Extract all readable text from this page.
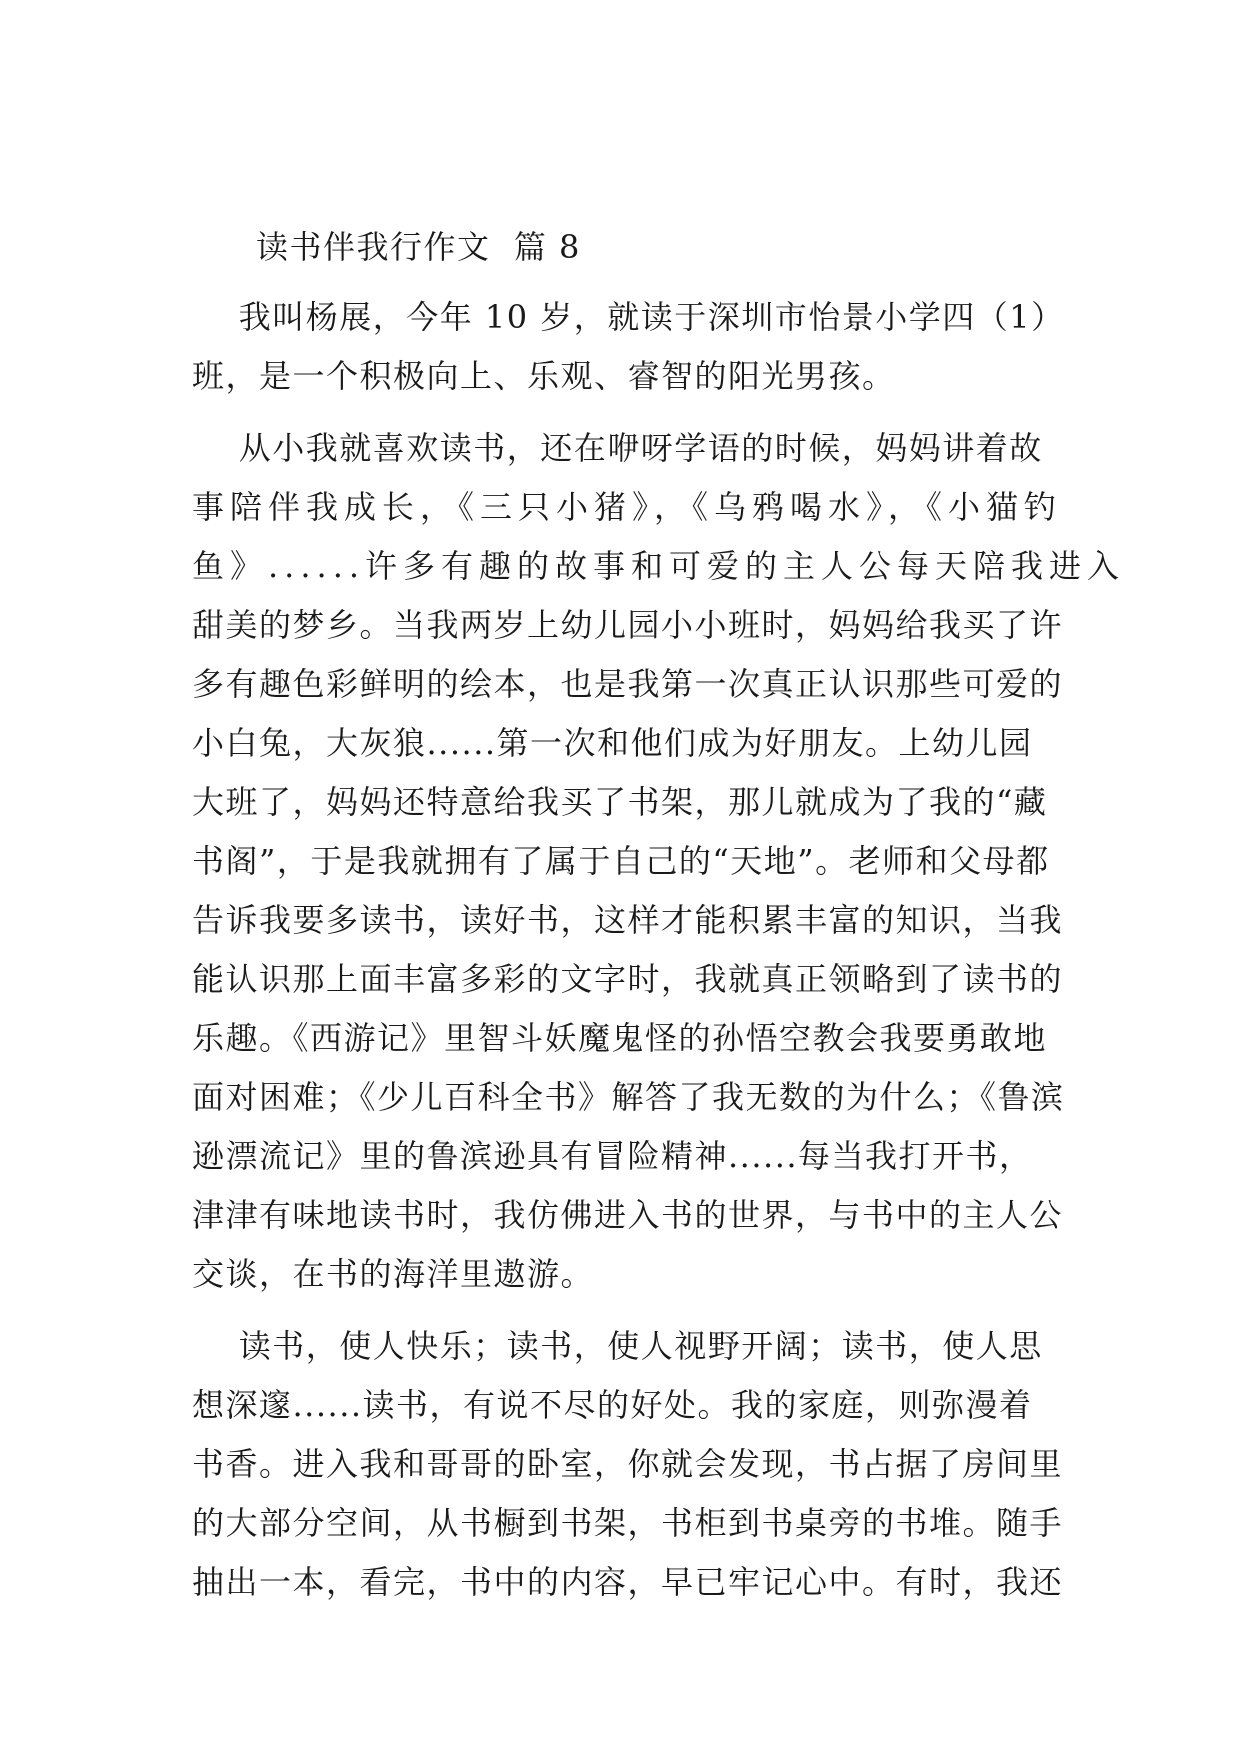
读书伴我行作文  篇 8
我叫杨展，今年 10 岁，就读于深圳市怡景小学四（1）
班，是一个积极向上、乐观、睿智的阳光男孩。
从小我就喜欢读书，还在咿呀学语的时候，妈妈讲着故
事陪伴我成长，《三只小猪》，《乌鸦喝水》，《小猫钓
鱼》......许多有趣的故事和可爱的主人公每天陪我进入
甜美的梦乡。当我两岁上幼儿园小小班时，妈妈给我买了许
多有趣色彩鲜明的绘本，也是我第一次真正认识那些可爱的
小白兔，大灰狼......第一次和他们成为好朋友。上幼儿园
大班了，妈妈还特意给我买了书架，那儿就成为了我的“藏
书阁”，于是我就拥有了属于自己的“天地”。老师和父母都
告诉我要多读书，读好书，这样才能积累丰富的知识，当我
能认识那上面丰富多彩的文字时，我就真正领略到了读书的
乐趣。《西游记》里智斗妖魔鬼怪的孙悟空教会我要勇敢地
面对困难；《少儿百科全书》解答了我无数的为什么；《鲁滨
逊漂流记》里的鲁滨逊具有冒险精神......每当我打开书，
津津有味地读书时，我仿佛进入书的世界，与书中的主人公
交谈，在书的海洋里遨游。
读书，使人快乐；读书，使人视野开阔；读书，使人思
想深邃......读书，有说不尽的好处。我的家庭，则弥漫着
书香。进入我和哥哥的卧室，你就会发现，书占据了房间里
的大部分空间，从书橱到书架，书柜到书桌旁的书堆。随手
抽出一本，看完，书中的内容，早已牢记心中。有时，我还
